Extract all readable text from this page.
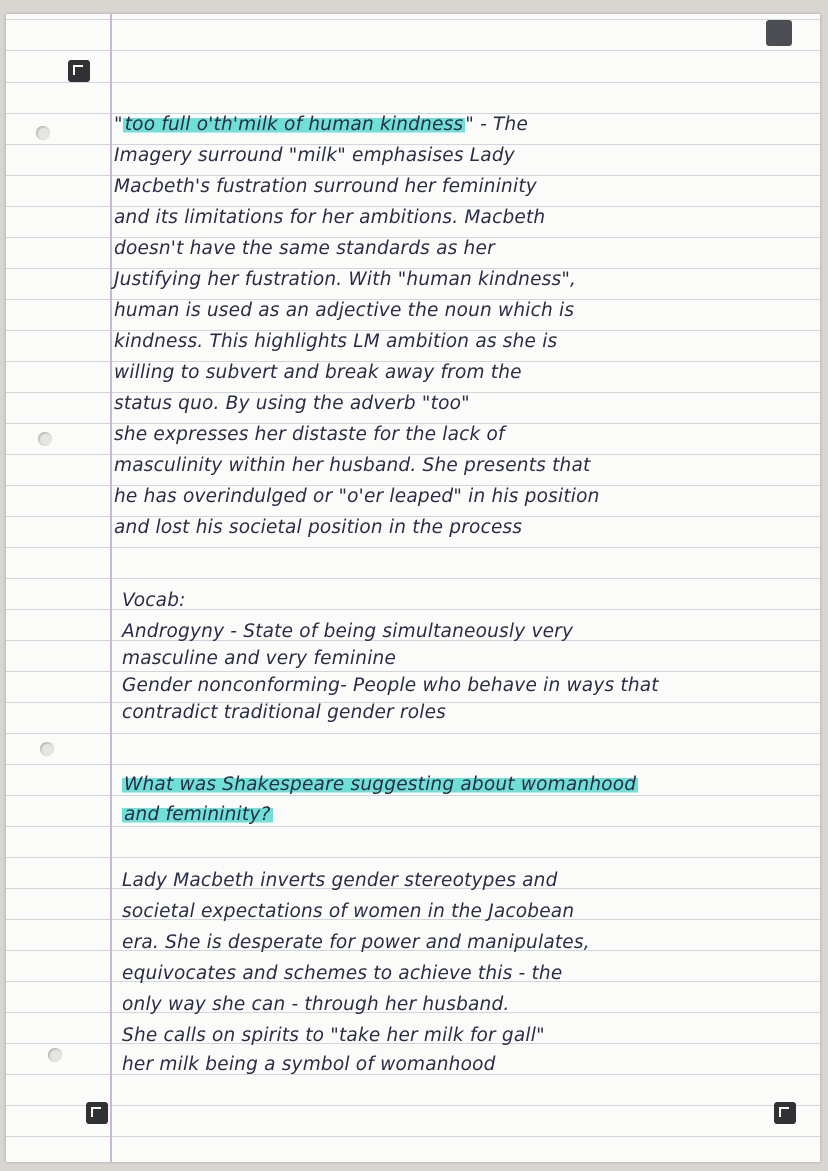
" too full o'th'milk of human kindness " - The
Imagery surround "milk" emphasises Lady
Macbeth's fustration surround her femininity
and its limitations for her ambitions. Macbeth
doesn't have the same standards as her
Justifying her fustration. With "human kindness",
human is used as an adjective the noun which is
kindness. This highlights LM ambition as she is
willing to subvert and break away from the
status quo. By using the adverb "too"
she expresses her distaste for the lack of
masculinity within her husband. She presents that
he has overindulged or "o'er leaped" in his position
and lost his societal position in the process
Vocab:
Androgyny - State of being simultaneously very
masculine and very feminine
Gender nonconforming- People who behave in ways that
contradict traditional gender roles
What was Shakespeare suggesting about womanhood
and femininity?
Lady Macbeth inverts gender stereotypes and
societal expectations of women in the Jacobean
era. She is desperate for power and manipulates,
equivocates and schemes to achieve this - the
only way she can - through her husband.
She calls on spirits to "take her milk for gall"
her milk being a symbol of womanhood
